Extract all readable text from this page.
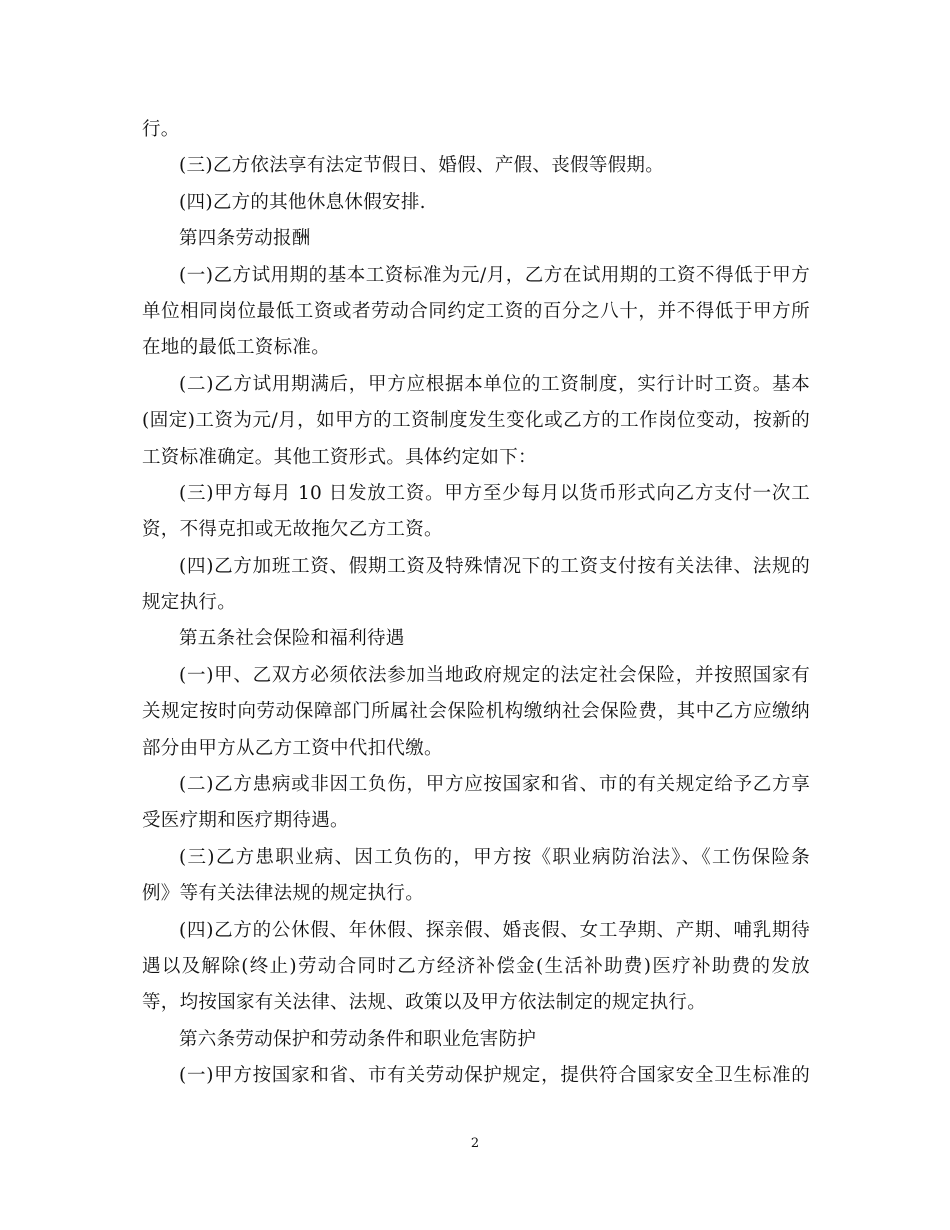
行。
(三)乙方依法享有法定节假日、婚假、产假、丧假等假期。
(四)乙方的其他休息休假安排.
第四条劳动报酬
(一)乙方试用期的基本工资标准为元/月，乙方在试用期的工资不得低于甲方
单位相同岗位最低工资或者劳动合同约定工资的百分之八十，并不得低于甲方所
在地的最低工资标准。
(二)乙方试用期满后，甲方应根据本单位的工资制度，实行计时工资。基本
(固定)工资为元/月，如甲方的工资制度发生变化或乙方的工作岗位变动，按新的
工资标准确定。其他工资形式。具体约定如下：
(三)甲方每月 10 日发放工资。甲方至少每月以货币形式向乙方支付一次工
资，不得克扣或无故拖欠乙方工资。
(四)乙方加班工资、假期工资及特殊情况下的工资支付按有关法律、法规的
规定执行。
第五条社会保险和福利待遇
(一)甲、乙双方必须依法参加当地政府规定的法定社会保险，并按照国家有
关规定按时向劳动保障部门所属社会保险机构缴纳社会保险费，其中乙方应缴纳
部分由甲方从乙方工资中代扣代缴。
(二)乙方患病或非因工负伤，甲方应按国家和省、市的有关规定给予乙方享
受医疗期和医疗期待遇。
(三)乙方患职业病、因工负伤的，甲方按《职业病防治法》、《工伤保险条
例》等有关法律法规的规定执行。
(四)乙方的公休假、年休假、探亲假、婚丧假、女工孕期、产期、哺乳期待
遇以及解除(终止)劳动合同时乙方经济补偿金(生活补助费)医疗补助费的发放
等，均按国家有关法律、法规、政策以及甲方依法制定的规定执行。
第六条劳动保护和劳动条件和职业危害防护
(一)甲方按国家和省、市有关劳动保护规定，提供符合国家安全卫生标准的
2
